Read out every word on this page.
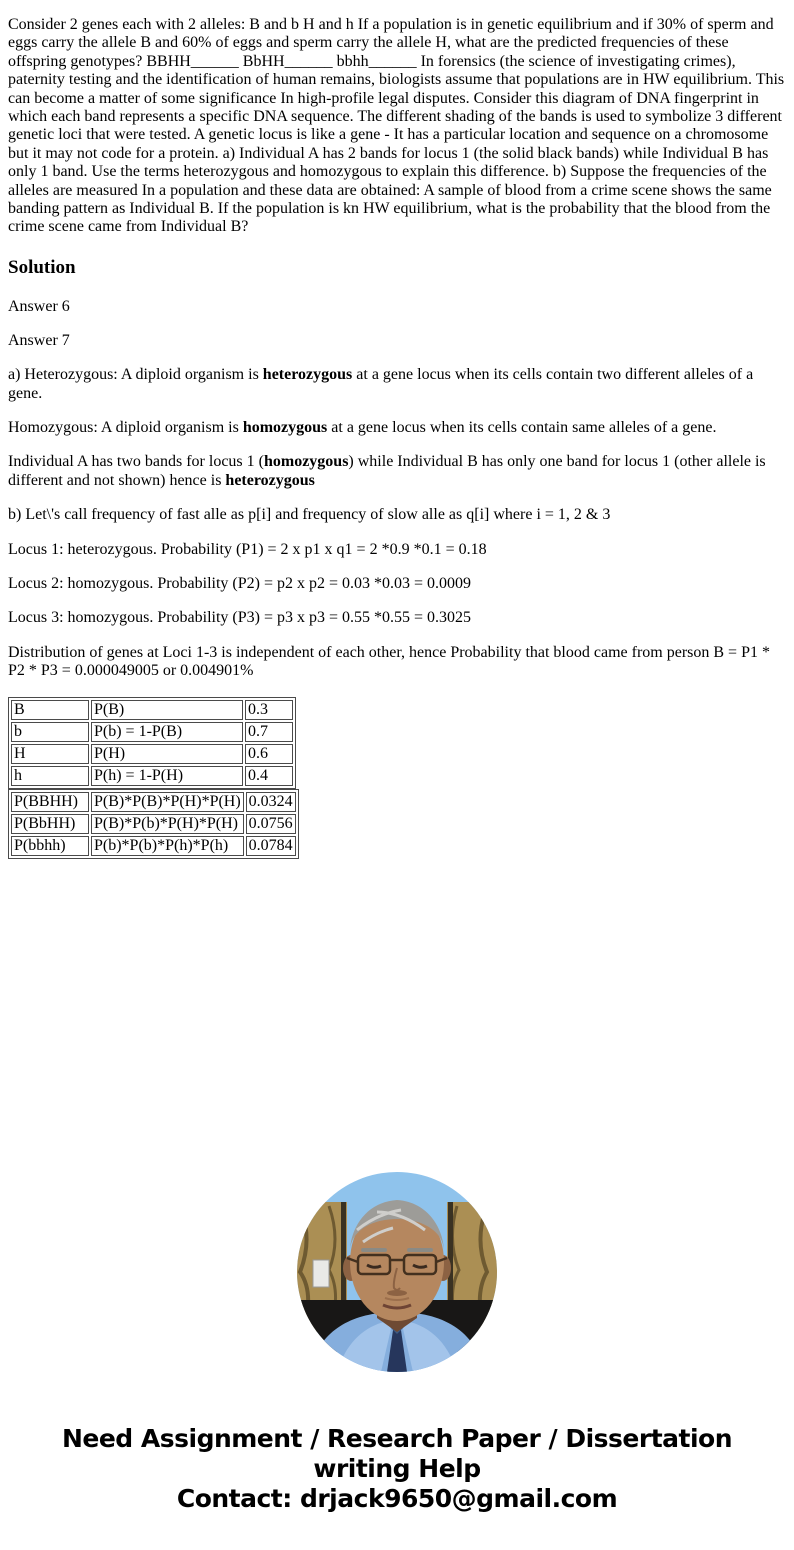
Consider 2 genes each with 2 alleles: B and b H and h If a population is in genetic equilibrium and if 30% of sperm and eggs carry the allele B and 60% of eggs and sperm carry the allele H, what are the predicted frequencies of these offspring genotypes? BBHH______ BbHH______ bbhh______ In forensics (the science of investigating crimes), paternity testing and the identification of human remains, biologists assume that populations are in HW equilibrium. This can become a matter of some significance In high-profile legal disputes. Consider this diagram of DNA fingerprint in which each band represents a specific DNA sequence. The different shading of the bands is used to symbolize 3 different genetic loci that were tested. A genetic locus is like a gene - It has a particular location and sequence on a chromosome but it may not code for a protein. a) Individual A has 2 bands for locus 1 (the solid black bands) while Individual B has only 1 band. Use the terms heterozygous and homozygous to explain this difference. b) Suppose the frequencies of the alleles are measured In a population and these data are obtained: A sample of blood from a crime scene shows the same banding pattern as Individual B. If the population is kn HW equilibrium, what is the probability that the blood from the crime scene came from Individual B?

Solution

Answer 6

Answer 7

a) Heterozygous: A diploid organism is heterozygous at a gene locus when its cells contain two different alleles of a gene.

Homozygous: A diploid organism is homozygous at a gene locus when its cells contain same alleles of a gene.

Individual A has two bands for locus 1 (homozygous) while Individual B has only one band for locus 1 (other allele is different and not shown) hence is heterozygous

b) Let\'s call frequency of fast alle as p[i] and frequency of slow alle as q[i] where i = 1, 2 & 3

Locus 1: heterozygous. Probability (P1) = 2 x p1 x q1 = 2 *0.9 *0.1 = 0.18

Locus 2: homozygous. Probability (P2) = p2 x p2 = 0.03 *0.03 = 0.0009

Locus 3: homozygous. Probability (P3) = p3 x p3 = 0.55 *0.55 = 0.3025

Distribution of genes at Loci 1-3 is independent of each other, hence Probability that blood came from person B = P1 * P2 * P3 = 0.000049005 or 0.004901%

B	P(B)	0.3
b	P(b) = 1-P(B)	0.7
H	P(H)	0.6
h	P(h) = 1-P(H)	0.4
P(BBHH)	P(B)*P(B)*P(H)*P(H)	0.0324
P(BbHH)	P(B)*P(b)*P(H)*P(H)	0.0756
P(bbhh)	P(b)*P(b)*P(h)*P(h)	0.0784
Need Assignment / Research Paper / Dissertation
writing Help
Contact: drjack9650@gmail.com
